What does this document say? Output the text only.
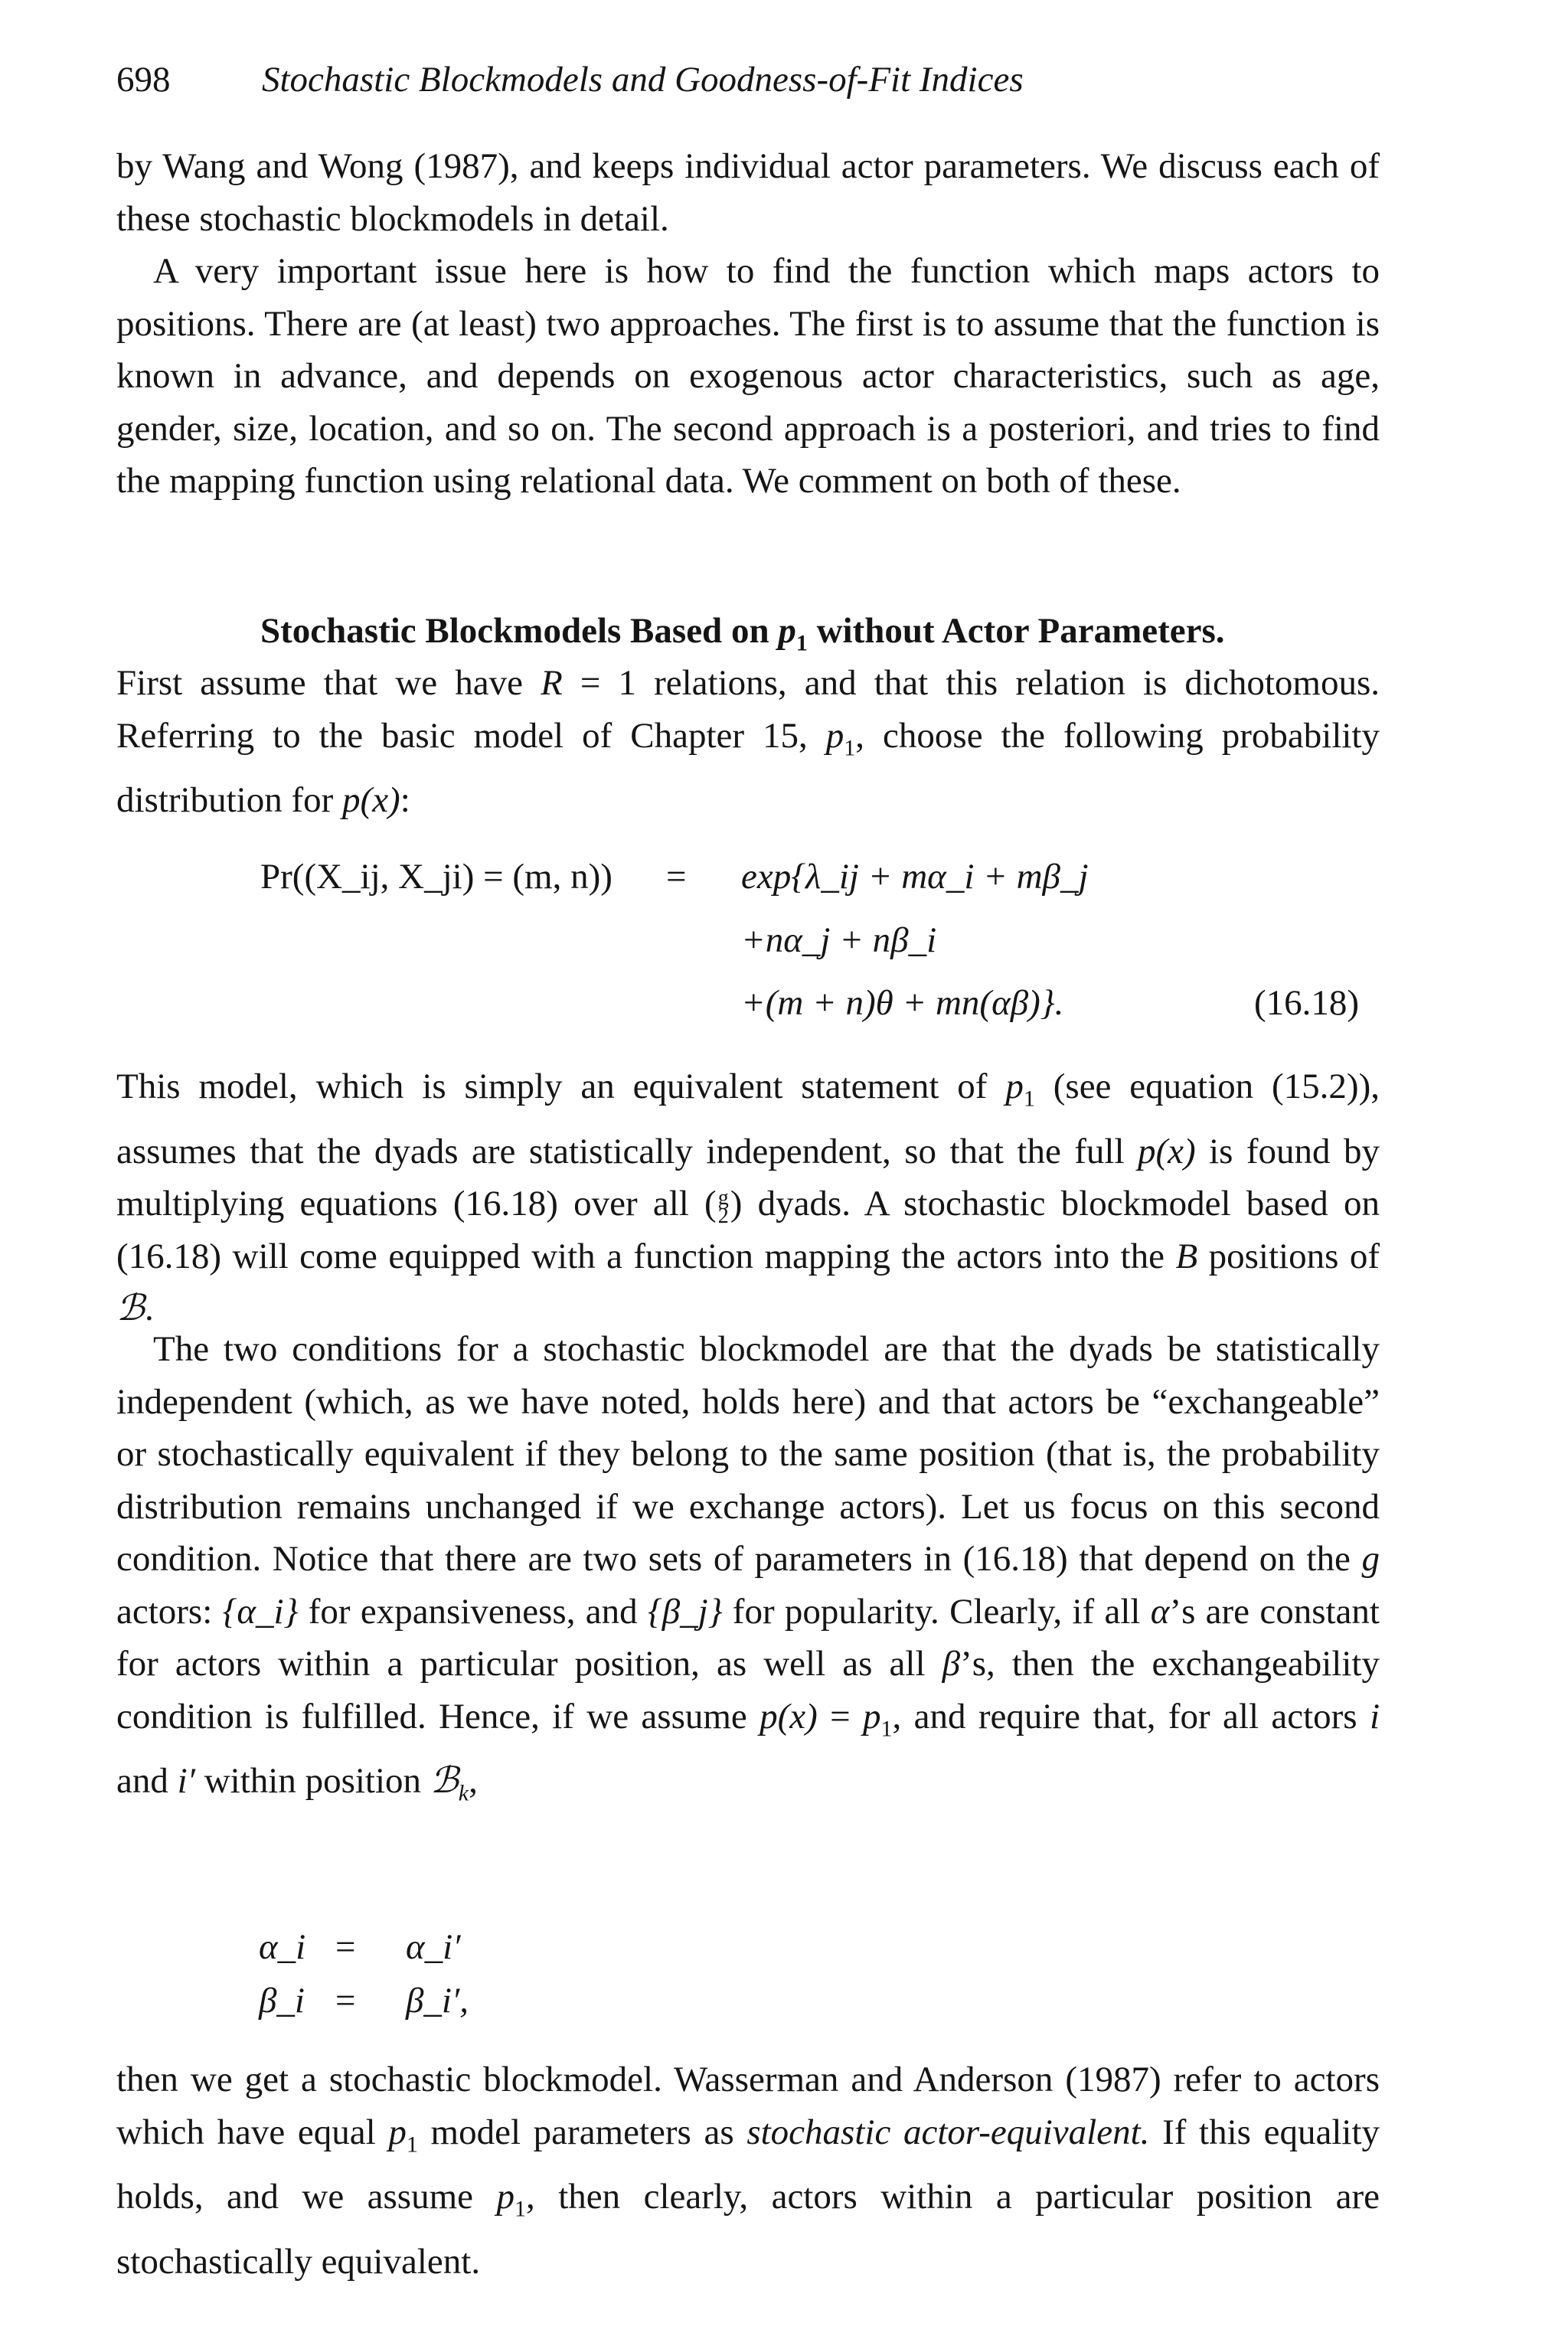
698	Stochastic Blockmodels and Goodness-of-Fit Indices
by Wang and Wong (1987), and keeps individual actor parameters. We discuss each of these stochastic blockmodels in detail.
A very important issue here is how to find the function which maps actors to positions. There are (at least) two approaches. The first is to assume that the function is known in advance, and depends on exogenous actor characteristics, such as age, gender, size, location, and so on. The second approach is a posteriori, and tries to find the mapping function using relational data. We comment on both of these.
Stochastic Blockmodels Based on $p_1$ without Actor Parameters.
First assume that we have R = 1 relations, and that this relation is dichotomous. Referring to the basic model of Chapter 15, $p_1$, choose the following probability distribution for p(x):
Pr((X_ij, X_ji) = (m, n)) = exp{λ_ij + mα_i + mβ_j
+nα_j + nβ_i
+(m + n)θ + mn(αβ)}.	(16.18)
This model, which is simply an equivalent statement of $p_1$ (see equation (15.2)), assumes that the dyads are statistically independent, so that the full p(x) is found by multiplying equations (16.18) over all (g
2) dyads. A stochastic blockmodel based on (16.18) will come equipped with a function mapping the actors into the B positions of ℬ.
The two conditions for a stochastic blockmodel are that the dyads be statistically independent (which, as we have noted, holds here) and that actors be “exchangeable” or stochastically equivalent if they belong to the same position (that is, the probability distribution remains unchanged if we exchange actors). Let us focus on this second condition. Notice that there are two sets of parameters in (16.18) that depend on the g actors: {α_i} for expansiveness, and {β_j} for popularity. Clearly, if all α’s are constant for actors within a particular position, as well as all β’s, then the exchangeability condition is fulfilled. Hence, if we assume $p(x) = p_1$, and require that, for all actors i and i′ within position ℬ$_k$,
α_i = α_i′
β_i = β_i′,
then we get a stochastic blockmodel. Wasserman and Anderson (1987) refer to actors which have equal $p_1$ model parameters as stochastic actor-equivalent. If this equality holds, and we assume $p_1$, then clearly, actors within a particular position are stochastically equivalent.
